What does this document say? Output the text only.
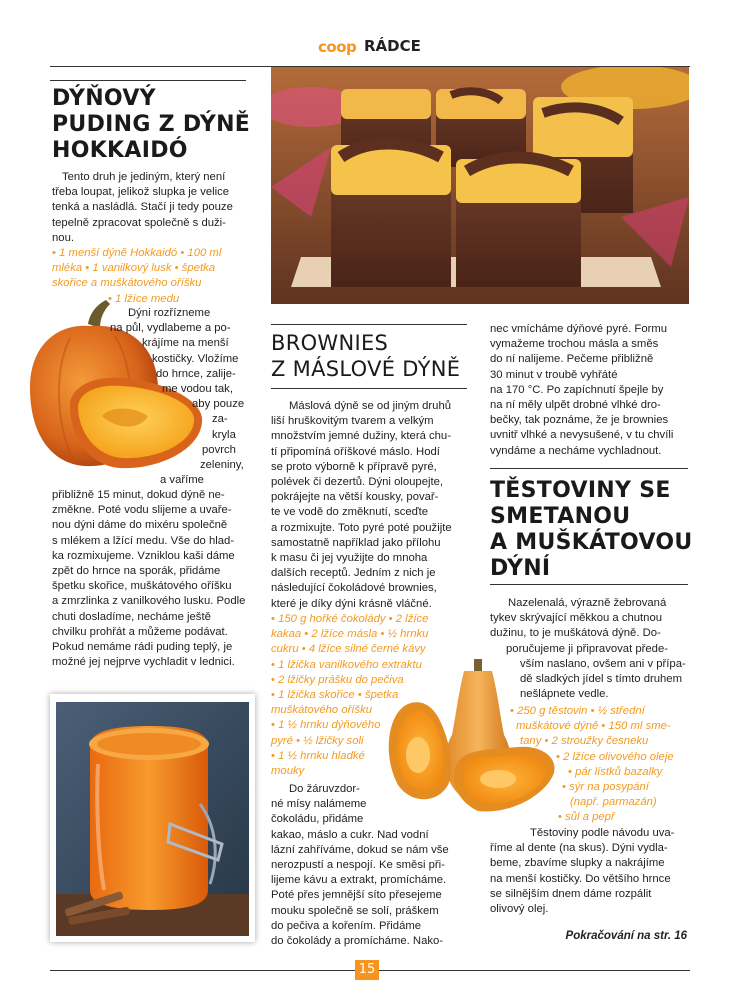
coop RÁDCE
DÝŇOVÝ
PUDING Z DÝNĚ
HOKKAIDÓ
Tento druh je jediným, který není
třeba loupat, jelikož slupka je velice
tenká a nasládlá. Stačí ji tedy pouze
tepelně zpracovat společně s duži-
nou.
• 1 menší dýně Hokkaidó • 100 ml
mléka • 1 vanilkový lusk • špetka
skořice a muškátového oříšku
• 1 lžíce medu
Dýni rozřízneme
na půl, vydlabeme a po-
krájíme na menší
kostičky. Vložíme
do hrnce, zalije-
me vodou tak,
aby pouze
za-
kryla
povrch
zeleniny,
a vaříme
přibližně 15 minut, dokud dýně ne-
změkne. Poté vodu slijeme a uvaře-
nou dýni dáme do mixéru společně
s mlékem a lžící medu. Vše do hlad-
ka rozmixujeme. Vzniklou kaši dáme
zpět do hrnce na sporák, přidáme
špetku skořice, muškátového oříšku
a zmrzlinka z vanilkového lusku. Podle
chuti dosladíme, necháme ještě
chvilku prohřát a můžeme podávat.
Pokud nemáme rádi puding teplý, je
možné jej nejprve vychladit v lednici.
BROWNIES
Z MÁSLOVÉ DÝNĚ
Máslová dýně se od jiným druhů
liší hruškovitým tvarem a velkým
množstvím jemné dužiny, která chu-
tí připomíná oříškové máslo. Hodí
se proto výborně k přípravě pyré,
polévek či dezertů. Dýni oloupejte,
pokrájejte na větší kousky, povař-
te ve vodě do změknutí, sceďte
a rozmixujte. Toto pyré poté použijte
samostatně například jako přílohu
k masu či jej využijte do mnoha
dalších receptů. Jedním z nich je
následující čokoládové brownies,
které je díky dýni krásně vláčné.
• 150 g hořké čokolády • 2 lžíce
kakaa • 2 lžíce másla • ½ hrnku
cukru • 4 lžíce silné černé kávy
• 1 lžička vanilkového extraktu
• 2 lžičky prášku do pečiva
• 1 lžička skořice • špetka
muškátového oříšku
• 1 ½ hrnku dýňového
pyré • ½ lžičky soli
• 1 ½ hrnku hladké
mouky
Do žáruvzdor-
né mísy nalámeme
čokoládu, přidáme
kakao, máslo a cukr. Nad vodní
lázní zahříváme, dokud se nám vše
nerozpustí a nespojí. Ke směsi při-
lijeme kávu a extrakt, promícháme.
Poté přes jemnější síto přesejeme
mouku společně se solí, práškem
do pečiva a kořením. Přidáme
do čokolády a promícháme. Nako-
nec vmícháme dýňové pyré. Formu
vymažeme trochou másla a směs
do ní nalijeme. Pečeme přibližně
30 minut v troubě vyhřáté
na 170 °C. Po zapíchnutí špejle by
na ní měly ulpět drobné vlhké dro-
bečky, tak poznáme, že je brownies
uvnitř vlhké a nevysušené, v tu chvíli
vyndáme a necháme vychladnout.
TĚSTOVINY SE
SMETANOU
A MUŠKÁTOVOU
DÝNÍ
Nazelenalá, výrazně žebrovaná
tykev skrývající měkkou a chutnou
dužinu, to je muškátová dýně. Do-
poručujeme ji připravovat přede-
vším naslano, ovšem ani v přípa-
dě sladkých jídel s tímto druhem
nešlápnete vedle.
• 250 g těstovin • ½ střední
muškátové dýně • 150 ml sme-
tany • 2 stroužky česneku
• 2 lžíce olivového oleje
• pár lístků bazalky
• sýr na posypání
(např. parmazán)
• sůl a pepř
Těstoviny podle návodu uva-
říme al dente (na skus). Dýni vydla-
beme, zbavíme slupky a nakrájíme
na menší kostičky. Do většího hrnce
se silnějším dnem dáme rozpálit
olivový olej.
Pokračování na str. 16
15
